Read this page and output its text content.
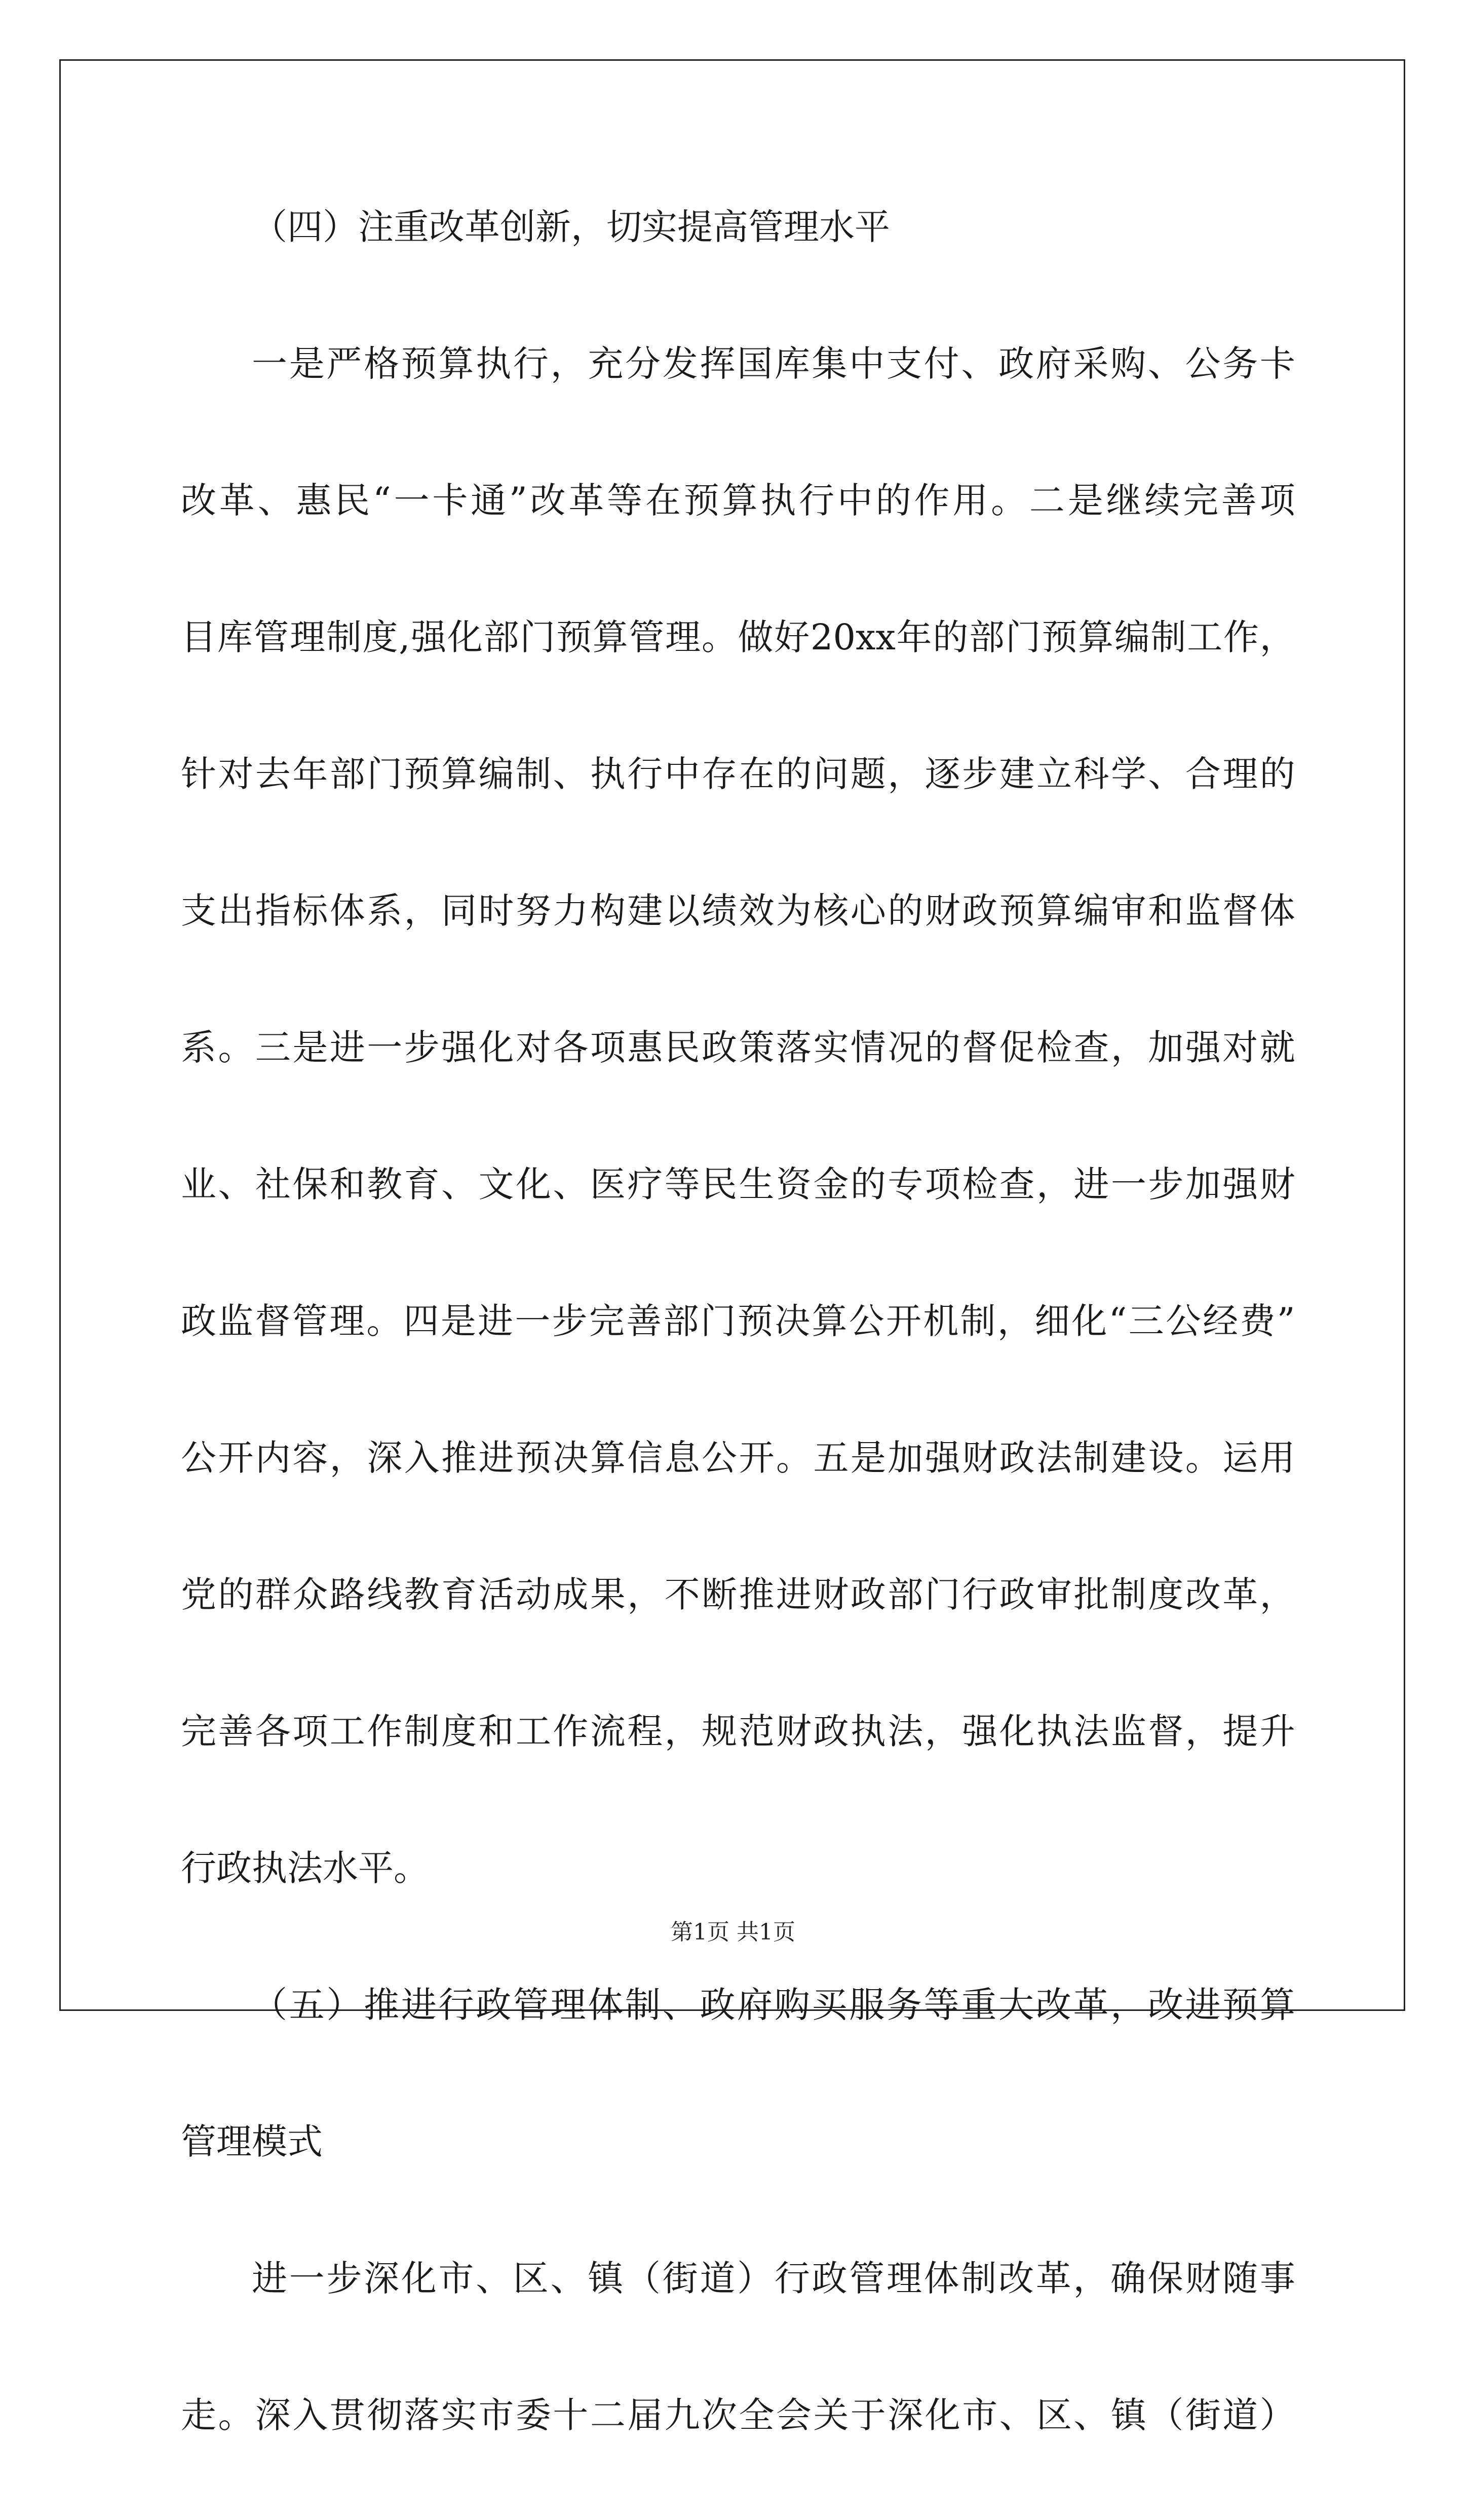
（四）注重改革创新，切实提高管理水平
一 是 严 格 预 算 执 行 ， 充 分 发 挥 国 库 集 中 支 付 、 政 府 采 购 、 公 务 卡
改 革 、 惠 民 “ 一 卡 通 ” 改 革 等 在 预 算 执 行 中 的 作 用 。 二 是 继 续 完 善 项
目 库 管 理 制 度 , 强 化 部 门 预 算 管 理 。 做 好 20xx 年 的 部 门 预 算 编 制 工 作 ，
针 对 去 年 部 门 预 算 编 制 、 执 行 中 存 在 的 问 题 ， 逐 步 建 立 科 学 、 合 理 的
支 出 指 标 体 系 ， 同 时 努 力 构 建 以 绩 效 为 核 心 的 财 政 预 算 编 审 和 监 督 体
系 。 三 是 进 一 步 强 化 对 各 项 惠 民 政 策 落 实 情 况 的 督 促 检 查 ， 加 强 对 就
业 、 社 保 和 教 育 、 文 化 、 医 疗 等 民 生 资 金 的 专 项 检 查 ， 进 一 步 加 强 财
政 监 督 管 理 。 四 是 进 一 步 完 善 部 门 预 决 算 公 开 机 制 ， 细 化 “ 三 公 经 费 ”
公 开 内 容 ， 深 入 推 进 预 决 算 信 息 公 开 。 五 是 加 强 财 政 法 制 建 设 。 运 用
党 的 群 众 路 线 教 育 活 动 成 果 ， 不 断 推 进 财 政 部 门 行 政 审 批 制 度 改 革 ，
完 善 各 项 工 作 制 度 和 工 作 流 程 ， 规 范 财 政 执 法 ， 强 化 执 法 监 督 ， 提 升
行政执法水平。
（ 五 ） 推 进 行 政 管 理 体 制 、 政 府 购 买 服 务 等 重 大 改 革 ， 改 进 预 算
管理模式
进 一 步 深 化 市 、 区 、 镇 （ 街 道 ） 行 政 管 理 体 制 改 革 ， 确 保 财 随 事
走 。 深 入 贯 彻 落 实 市 委 十 二 届 九 次 全 会 关 于 深 化 市 、 区 、 镇 （ 街 道 ）
第1页 共1页
